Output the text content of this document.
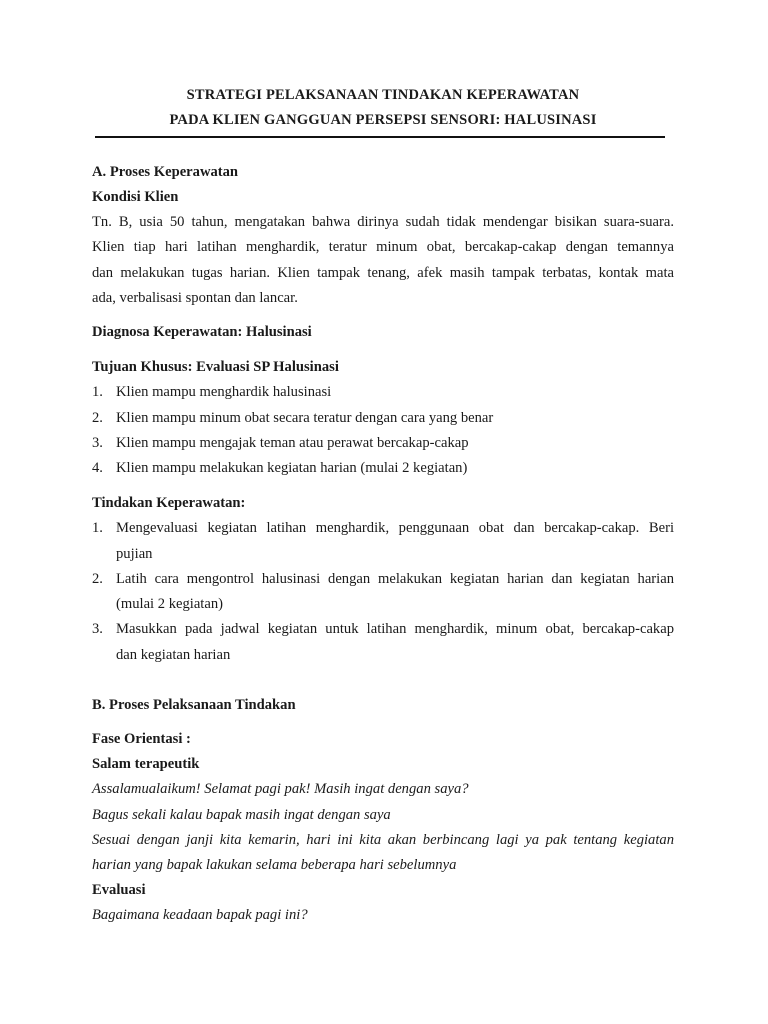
STRATEGI PELAKSANAAN TINDAKAN KEPERAWATAN
PADA KLIEN GANGGUAN PERSEPSI SENSORI: HALUSINASI
A. Proses Keperawatan
Kondisi Klien
Tn. B, usia 50 tahun, mengatakan bahwa dirinya sudah tidak mendengar bisikan suara-suara.
Klien tiap hari latihan menghardik, teratur minum obat, bercakap-cakap dengan temannya
dan melakukan tugas harian. Klien tampak tenang, afek masih tampak terbatas, kontak mata
ada, verbalisasi spontan dan lancar.
Diagnosa Keperawatan: Halusinasi
Tujuan Khusus: Evaluasi SP Halusinasi
1. Klien mampu menghardik halusinasi
2. Klien mampu minum obat secara teratur dengan cara yang benar
3. Klien mampu mengajak teman atau perawat bercakap-cakap
4. Klien mampu melakukan kegiatan harian (mulai 2 kegiatan)
Tindakan Keperawatan:
1. Mengevaluasi kegiatan latihan menghardik, penggunaan obat dan bercakap-cakap. Beri
pujian
2. Latih cara mengontrol halusinasi dengan melakukan kegiatan harian dan kegiatan harian
(mulai 2 kegiatan)
3. Masukkan pada jadwal kegiatan untuk latihan menghardik, minum obat, bercakap-cakap
dan kegiatan harian
B. Proses Pelaksanaan Tindakan
Fase Orientasi :
Salam terapeutik
Assalamualaikum! Selamat pagi pak! Masih ingat dengan saya?
Bagus sekali kalau bapak masih ingat dengan saya
Sesuai dengan janji kita kemarin, hari ini kita akan berbincang lagi ya pak tentang kegiatan
harian yang bapak lakukan selama beberapa hari sebelumnya
Evaluasi
Bagaimana keadaan bapak pagi ini?
